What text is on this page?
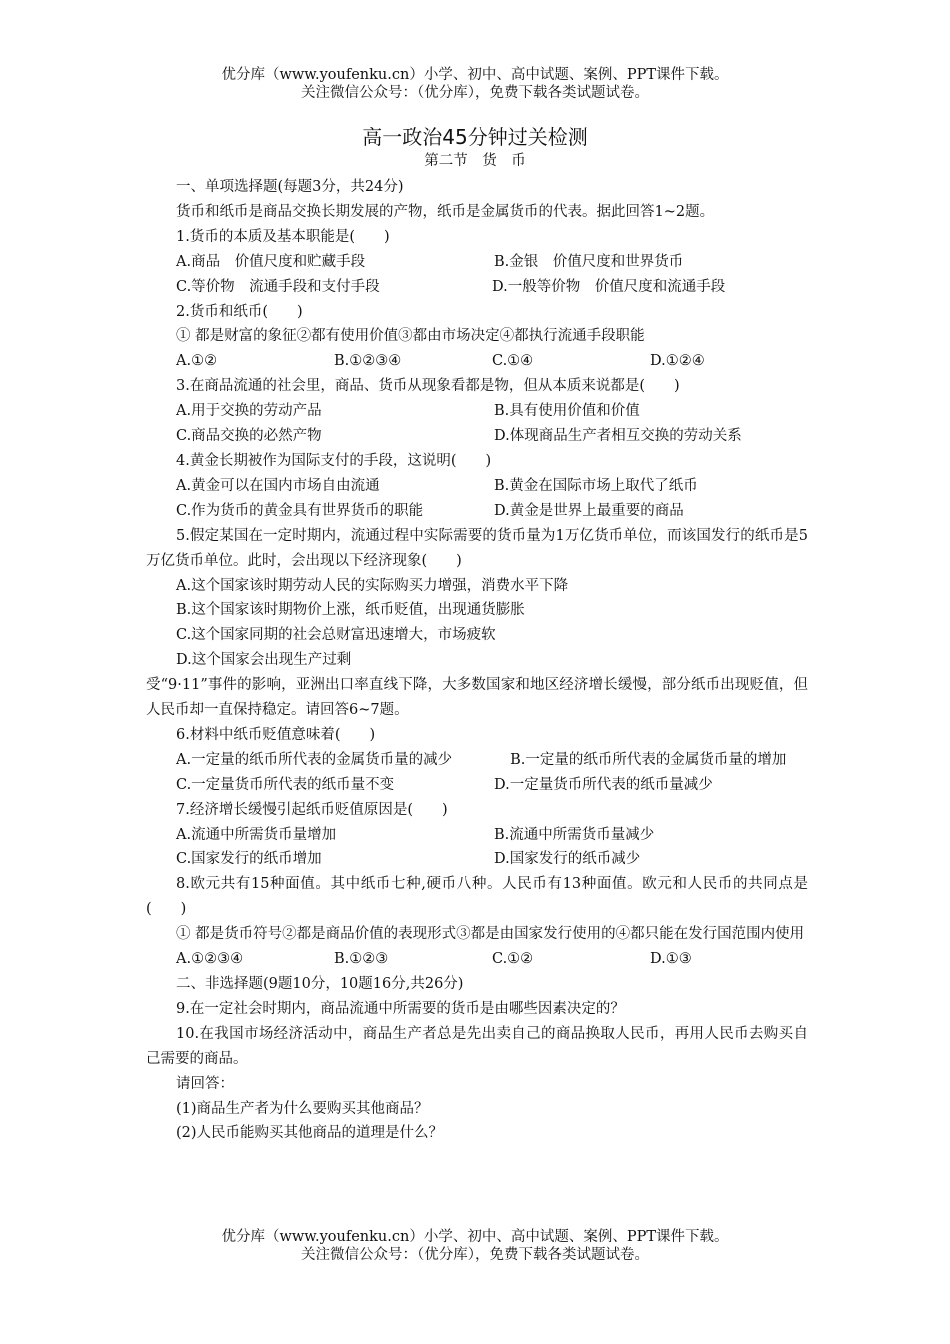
优分库（www.youfenku.cn）小学、初中、高中试题、案例、PPT课件下载。
关注微信公众号：（优分库），免费下载各类试题试卷。
高一政治45分钟过关检测
第二节　货　币
一、单项选择题(每题3分，共24分)
货币和纸币是商品交换长期发展的产物，纸币是金属货币的代表。据此回答1~2题。
1.货币的本质及基本职能是(　　)
A.商品　价值尺度和贮藏手段	B.金银　价值尺度和世界货币
C.等价物　流通手段和支付手段	D.一般等价物　价值尺度和流通手段
2.货币和纸币(　　)
① 都是财富的象征②都有使用价值③都由市场决定④都执行流通手段职能
A.①②	B.①②③④	C.①④	D.①②④
3.在商品流通的社会里，商品、货币从现象看都是物，但从本质来说都是(　　)
A.用于交换的劳动产品	B.具有使用价值和价值
C.商品交换的必然产物	D.体现商品生产者相互交换的劳动关系
4.黄金长期被作为国际支付的手段，这说明(　　)
A.黄金可以在国内市场自由流通	B.黄金在国际市场上取代了纸币
C.作为货币的黄金具有世界货币的职能	D.黄金是世界上最重要的商品
5.假定某国在一定时期内，流通过程中实际需要的货币量为1万亿货币单位，而该国发行的纸币是5万亿货币单位。此时，会出现以下经济现象(　　)
A.这个国家该时期劳动人民的实际购买力增强，消费水平下降
B.这个国家该时期物价上涨，纸币贬值，出现通货膨胀
C.这个国家同期的社会总财富迅速增大，市场疲软
D.这个国家会出现生产过剩
受“9·11”事件的影响，亚洲出口率直线下降，大多数国家和地区经济增长缓慢，部分纸币出现贬值，但人民币却一直保持稳定。请回答6~7题。
6.材料中纸币贬值意味着(　　)
A.一定量的纸币所代表的金属货币量的减少　　　　B.一定量的纸币所代表的金属货币量的增加
C.一定量货币所代表的纸币量不变	D.一定量货币所代表的纸币量减少
7.经济增长缓慢引起纸币贬值原因是(　　)
A.流通中所需货币量增加	B.流通中所需货币量减少
C.国家发行的纸币增加	D.国家发行的纸币减少
8.欧元共有15种面值。其中纸币七种,硬币八种。人民币有13种面值。欧元和人民币的共同点是(　　)
① 都是货币符号②都是商品价值的表现形式③都是由国家发行使用的④都只能在发行国范围内使用
A.①②③④	B.①②③	C.①②	D.①③
二、非选择题(9题10分，10题16分,共26分)
9.在一定社会时期内，商品流通中所需要的货币是由哪些因素决定的？
10.在我国市场经济活动中，商品生产者总是先出卖自己的商品换取人民币，再用人民币去购买自己需要的商品。
请回答：
(1)商品生产者为什么要购买其他商品？
(2)人民币能购买其他商品的道理是什么？
优分库（www.youfenku.cn）小学、初中、高中试题、案例、PPT课件下载。
关注微信公众号：（优分库），免费下载各类试题试卷。
